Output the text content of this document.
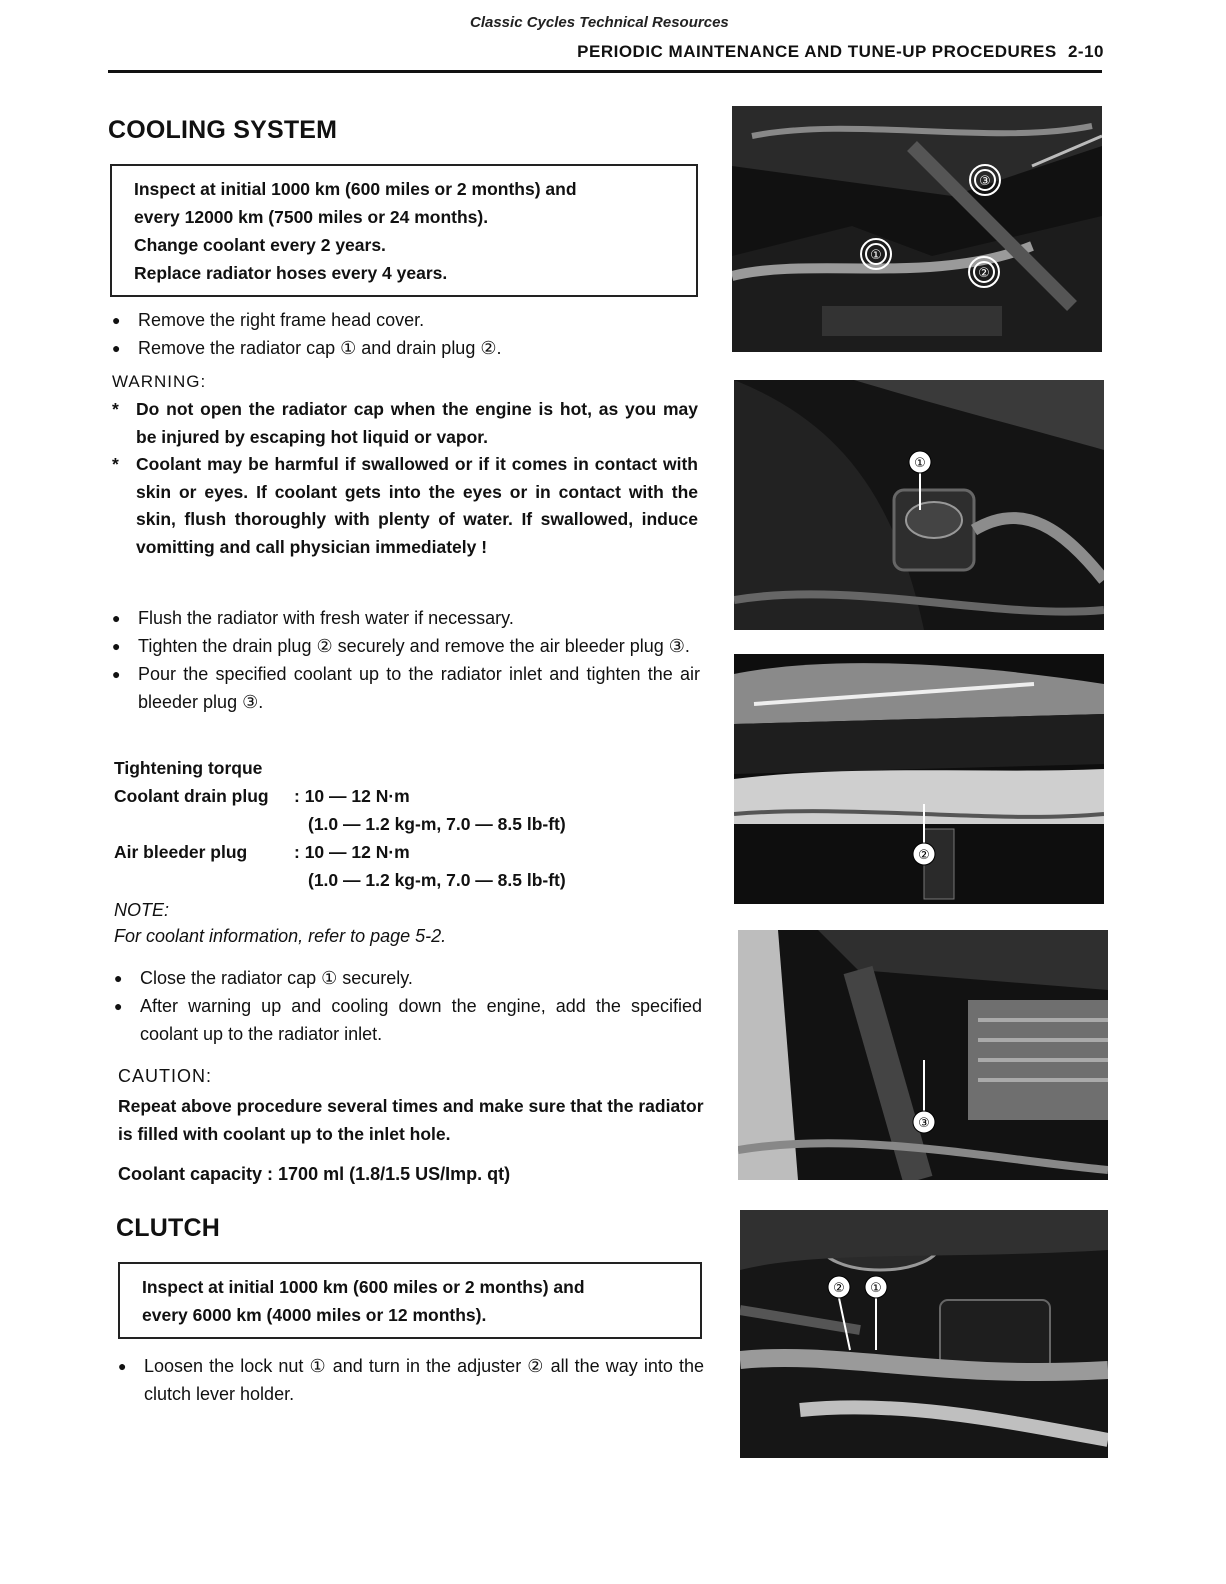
Classic Cycles Technical Resources
PERIODIC MAINTENANCE AND TUNE-UP PROCEDURES 2-10
COOLING SYSTEM

Inspect at initial 1000 km (600 miles or 2 months) and

every 12000 km (7500 miles or 24 months).

Change coolant every 2 years.

Replace radiator hoses every 4 years.

● Remove the right frame head cover.
● Remove the radiator cap ① and drain plug ②.
WARNING:
* Do not open the radiator cap when the engine is hot, as you may be injured by escaping hot liquid or vapor.
* Coolant may be harmful if swallowed or if it comes in contact with skin or eyes. If coolant gets into the eyes or in contact with the skin, flush thoroughly with plenty of water. If swallowed, induce vomitting and call physician immediately !
● Flush the radiator with fresh water if necessary.
● Tighten the drain plug ② securely and remove the air bleeder plug ③.
● Pour the specified coolant up to the radiator inlet and tighten the air bleeder plug ③.
Tightening torque
Coolant drain plug	: 10 — 12 N·m
(1.0 — 1.2 kg-m, 7.0 — 8.5 lb-ft)
Air bleeder plug	: 10 — 12 N·m
(1.0 — 1.2 kg-m, 7.0 — 8.5 lb-ft)
NOTE:
For coolant information, refer to page 5-2.
● Close the radiator cap ① securely.
● After warning up and cooling down the engine, add the specified coolant up to the radiator inlet.
CAUTION:
Repeat above procedure several times and make sure that the radiator is filled with coolant up to the inlet hole.
Coolant capacity : 1700 ml (1.8/1.5 US/Imp. qt)
CLUTCH

Inspect at initial 1000 km (600 miles or 2 months) and

every 6000 km (4000 miles or 12 months).

● Loosen the lock nut ① and turn in the adjuster ② all the way into the clutch lever holder.
③
①
②
①
②
③
② ①
